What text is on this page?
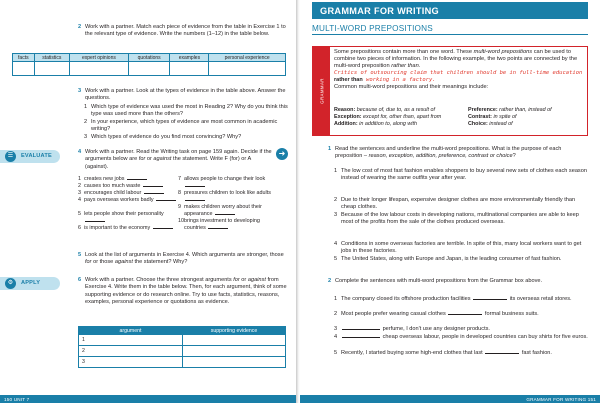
2 Work with a partner. Match each piece of evidence from the table in Exercise 1 to the relevant type of evidence. Write the numbers (1–12) in the table below.
facts	statistics	expert opinions	quotations	examples	personal experience

3 Work with a partner. Look at the types of evidence in the table above. Answer the questions.
1 Which type of evidence was used the most in Reading 2? Why do you think this type was used more than the others?
2 In your experience, which types of evidence are most common in academic writing?
3 Which types of evidence do you find most convincing? Why?
☰	EVALUATE	➜
4 Work with a partner. Read the Writing task on page 159 again. Decide if the arguments below are for or against the statement. Write F (for) or A (against).
1 creates new jobs
2 causes too much waste
3 encourages child labour
4 pays overseas workers badly
5 lets people show their personality
6 is important to the economy
7 allows people to change their look
8 pressures children to look like adults
9 makes children worry about their appearance
10 brings investment to developing countries
5 Look at the list of arguments in Exercise 4. Which arguments are stronger, those for or those against the statement? Why?
⚙	APPLY	6 Work with a partner. Choose the three strongest arguments for or against from Exercise 4. Write them in the table below. Then, for each argument, think of some supporting evidence or do research online. Try to use facts, statistics, reasons, examples, personal experience or quotations as evidence.
argument	supporting evidence
1	
2	
3	
150 UNIT 7
GRAMMAR FOR WRITING
MULTI-WORD PREPOSITIONS
GRAMMAR
Some prepositions contain more than one word. These multi-word prepositions can be used to combine two pieces of information. In the following example, the two points are connected by the multi-word preposition rather than.
Critics of outsourcing claim that children should be in full-time education
rather than working in a factory.
Common multi-word prepositions and their meanings include:
Reason: because of, due to, as a result of	Preference: rather than, instead of
Exception: except for, other than, apart from	Contrast: in spite of
Addition: in addition to, along with	Choice: instead of
1 Read the sentences and underline the multi-word prepositions. What is the purpose of each preposition – reason, exception, addition, preference, contrast or choice?
1 The low cost of most fast fashion enables shoppers to buy several new sets of clothes each season instead of wearing the same outfits year after year.
2 Due to their longer lifespan, expensive designer clothes are more environmentally friendly than cheap clothes.
3 Because of the low labour costs in developing nations, multinational companies are able to keep most of the profits from the sale of the clothes produced overseas.
4 Conditions in some overseas factories are terrible. In spite of this, many local workers want to get jobs in these factories.
5 The United States, along with Europe and Japan, is the leading consumer of fast fashion.
2 Complete the sentences with multi-word prepositions from the Grammar box above.
1 The company closed its offshore production facilities	its overseas retail stores.
2 Most people prefer wearing casual clothes	formal business suits.
3	perfume, I don't use any designer products.
4	cheap overseas labour, people in developed countries can buy shirts for five euros.
5 Recently, I started buying some high-end clothes that last	fast fashion.
GRAMMAR FOR WRITING 151
